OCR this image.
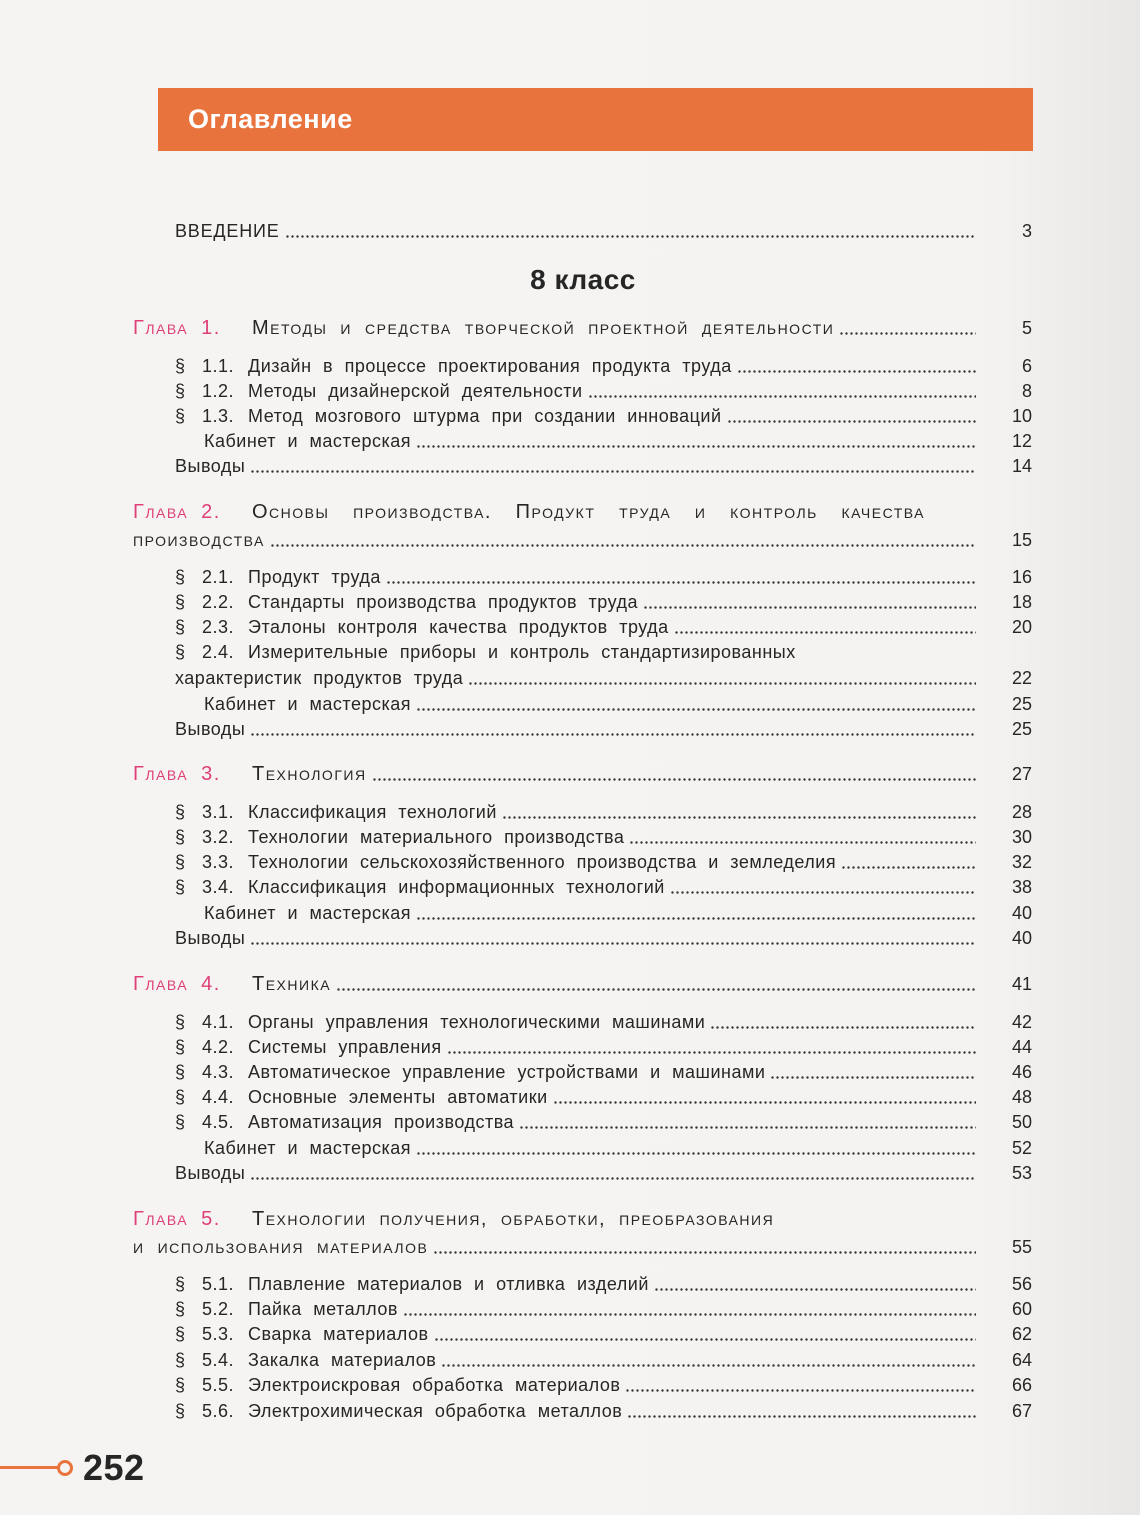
Оглавление
ВВЕДЕНИЕ	3
8 класс
Глава 1.	Методы и средства творческой проектной деятельности	5
§ 1.1. Дизайн в процессе проектирования продукта труда	6
§ 1.2. Методы дизайнерской деятельности	8
§ 1.3. Метод мозгового штурма при создании инноваций	10
Кабинет и мастерская	12
Выводы	14
Глава 2.	Основы производства. Продукт труда и контроль качества
производства	15
§ 2.1. Продукт труда	16
§ 2.2. Стандарты производства продуктов труда	18
§ 2.3. Эталоны контроля качества продуктов труда	20
§ 2.4. Измерительные приборы и контроль стандартизированных
характеристик продуктов труда	22
Кабинет и мастерская	25
Выводы	25
Глава 3.	Технология	27
§ 3.1. Классификация технологий	28
§ 3.2. Технологии материального производства	30
§ 3.3. Технологии сельскохозяйственного производства и земледелия	32
§ 3.4. Классификация информационных технологий	38
Кабинет и мастерская	40
Выводы	40
Глава 4.	Техника	41
§ 4.1. Органы управления технологическими машинами	42
§ 4.2. Системы управления	44
§ 4.3. Автоматическое управление устройствами и машинами	46
§ 4.4. Основные элементы автоматики	48
§ 4.5. Автоматизация производства	50
Кабинет и мастерская	52
Выводы	53
Глава 5.	Технологии получения, обработки, преобразования
и использования материалов	55
§ 5.1. Плавление материалов и отливка изделий	56
§ 5.2. Пайка металлов	60
§ 5.3. Сварка материалов	62
§ 5.4. Закалка материалов	64
§ 5.5. Электроискровая обработка материалов	66
§ 5.6. Электрохимическая обработка металлов	67
252
